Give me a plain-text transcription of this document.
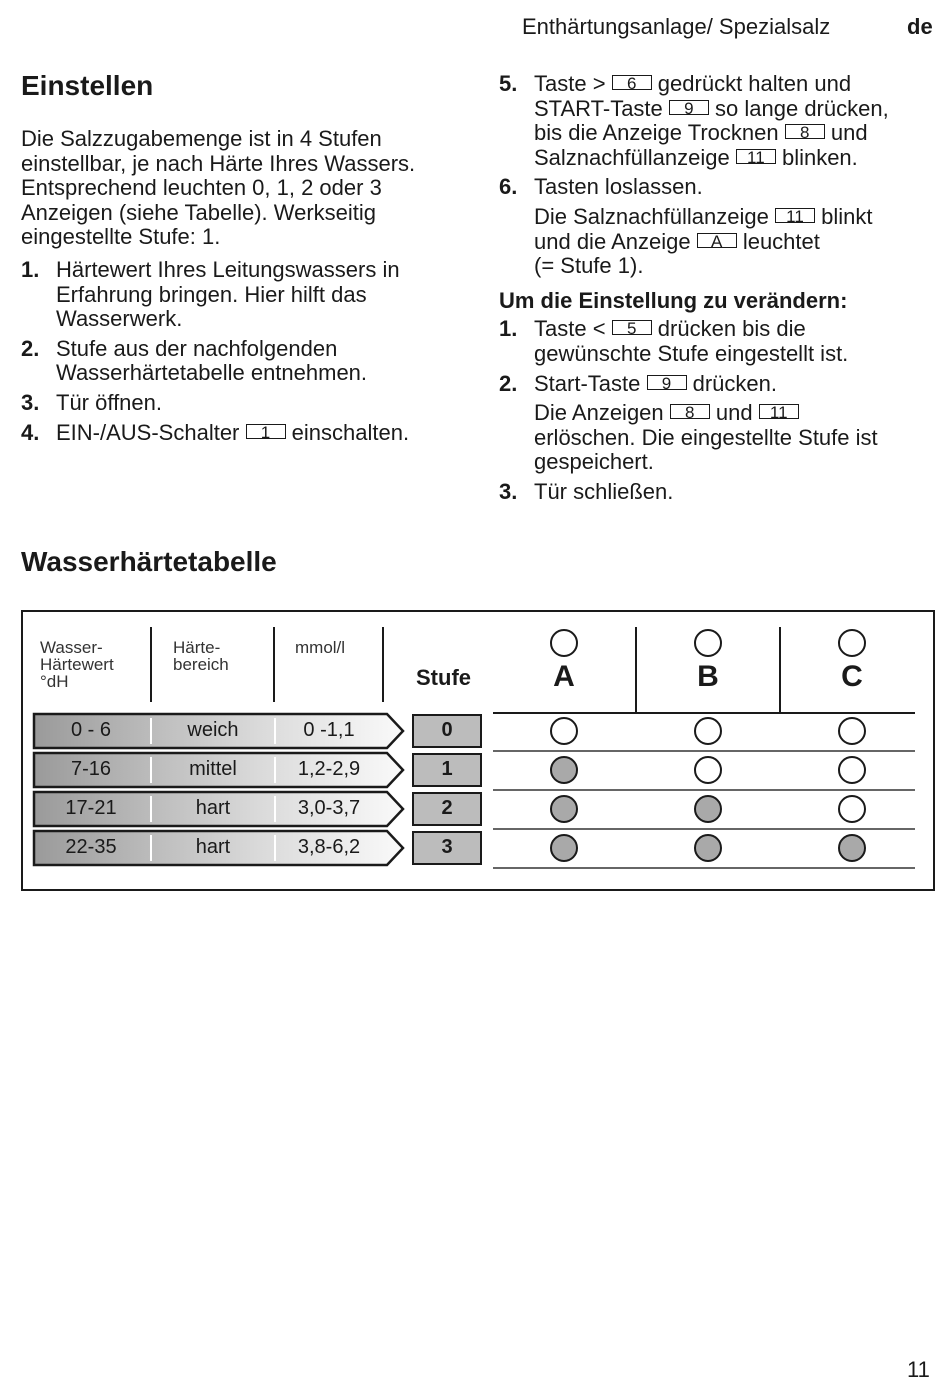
Enthärtungsanlage/ Spezialsalz	de
Einstellen

Die Salzzugabemenge ist in 4 Stufen

einstellbar, je nach Härte Ihres Wassers.

Entsprechend leuchten 0, 1, 2 oder 3

Anzeigen (siehe Tabelle). Werkseitig

eingestellte Stufe: 1.

1. Härtewert Ihres Leitungswassers in

Erfahrung bringen. Hier hilft das

Wasserwerk.

2. Stufe aus der nachfolgenden

Wasserhärtetabelle entnehmen.

3. Tür öffnen.

4. EIN-/AUS-Schalter 1 einschalten.

5. Taste > 6 gedrückt halten und

START-Taste 9 so lange drücken,

bis die Anzeige Trocknen 8 und

Salznachfüllanzeige 11 blinken.

6. Tasten loslassen.

Die Salznachfüllanzeige 11 blinkt

und die Anzeige A leuchtet

(= Stufe 1).

Um die Einstellung zu verändern:

1. Taste < 5 drücken bis die

gewünschte Stufe eingestellt ist.

2. Start-Taste 9 drücken.

Die Anzeigen 8 und 11

erlöschen. Die eingestellte Stufe ist

gespeichert.

3. Tür schließen.

Wasserhärtetabelle
Wasser-
Härtewert
°dH
Härte-
bereich
mmol/l
Stufe	A	B	C
0 - 6	weich	0 -1,1	0
7-16	mittel	1,2-2,9	1
17-21	hart	3,0-3,7	2
22-35	hart	3,8-6,2	3
11
